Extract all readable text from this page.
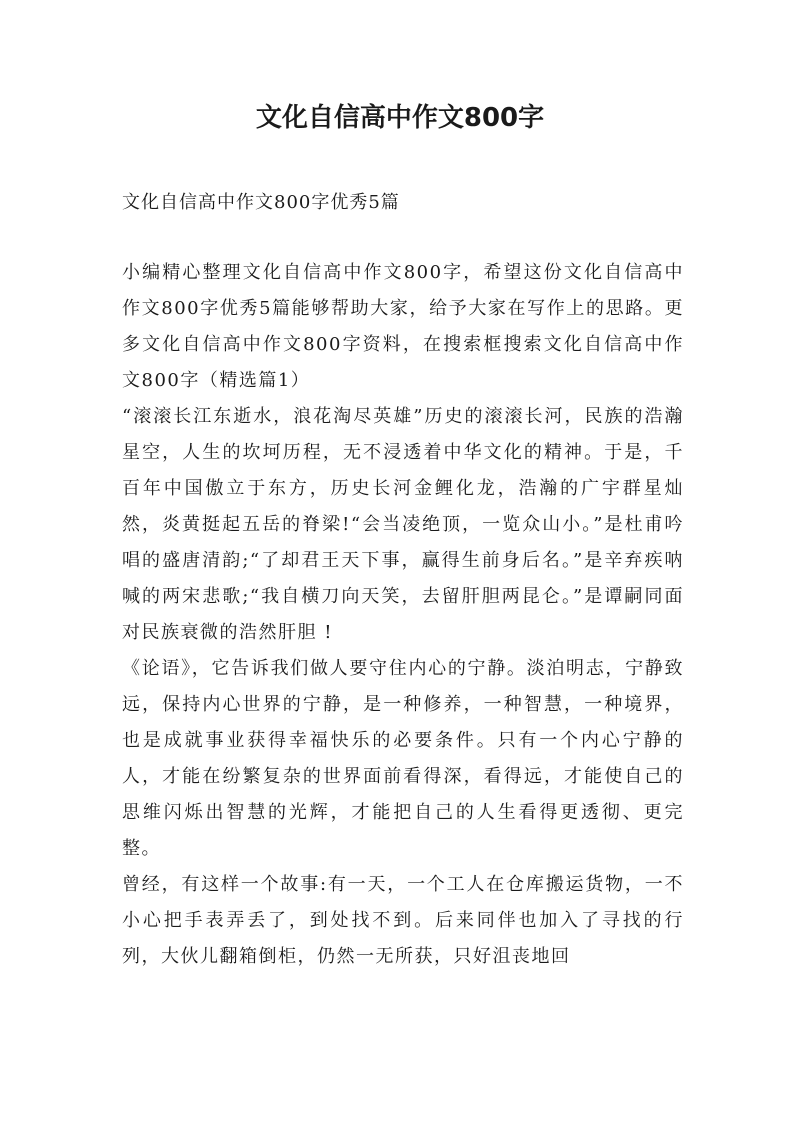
文化自信高中作文800字

文化自信高中作文800字优秀5篇

小编精心整理文化自信高中作文800字，希望这份文化自信高中作文800字优秀5篇能够帮助大家，给予大家在写作上的思路。更多文化自信高中作文800字资料，在搜索框搜索文化自信高中作文800字（精选篇1）

“滚滚长江东逝水，浪花淘尽英雄”历史的滚滚长河，民族的浩瀚星空，人生的坎坷历程，无不浸透着中华文化的精神。于是，千百年中国傲立于东方，历史长河金鲤化龙，浩瀚的广宇群星灿然，炎黄挺起五岳的脊梁!“会当凌绝顶，一览众山小。”是杜甫吟唱的盛唐清韵;“了却君王天下事，赢得生前身后名。”是辛弃疾呐喊的两宋悲歌;“我自横刀向天笑，去留肝胆两昆仑。”是谭嗣同面对民族衰微的浩然肝胆 !

《论语》，它告诉我们做人要守住内心的宁静。淡泊明志，宁静致远，保持内心世界的宁静，是一种修养，一种智慧，一种境界，也是成就事业获得幸福快乐的必要条件。只有一个内心宁静的人，才能在纷繁复杂的世界面前看得深，看得远，才能使自己的思维闪烁出智慧的光辉，才能把自己的人生看得更透彻、更完整。

曾经，有这样一个故事:有一天，一个工人在仓库搬运货物，一不小心把手表弄丢了，到处找不到。后来同伴也加入了寻找的行列，大伙儿翻箱倒柜，仍然一无所获，只好沮丧地回
